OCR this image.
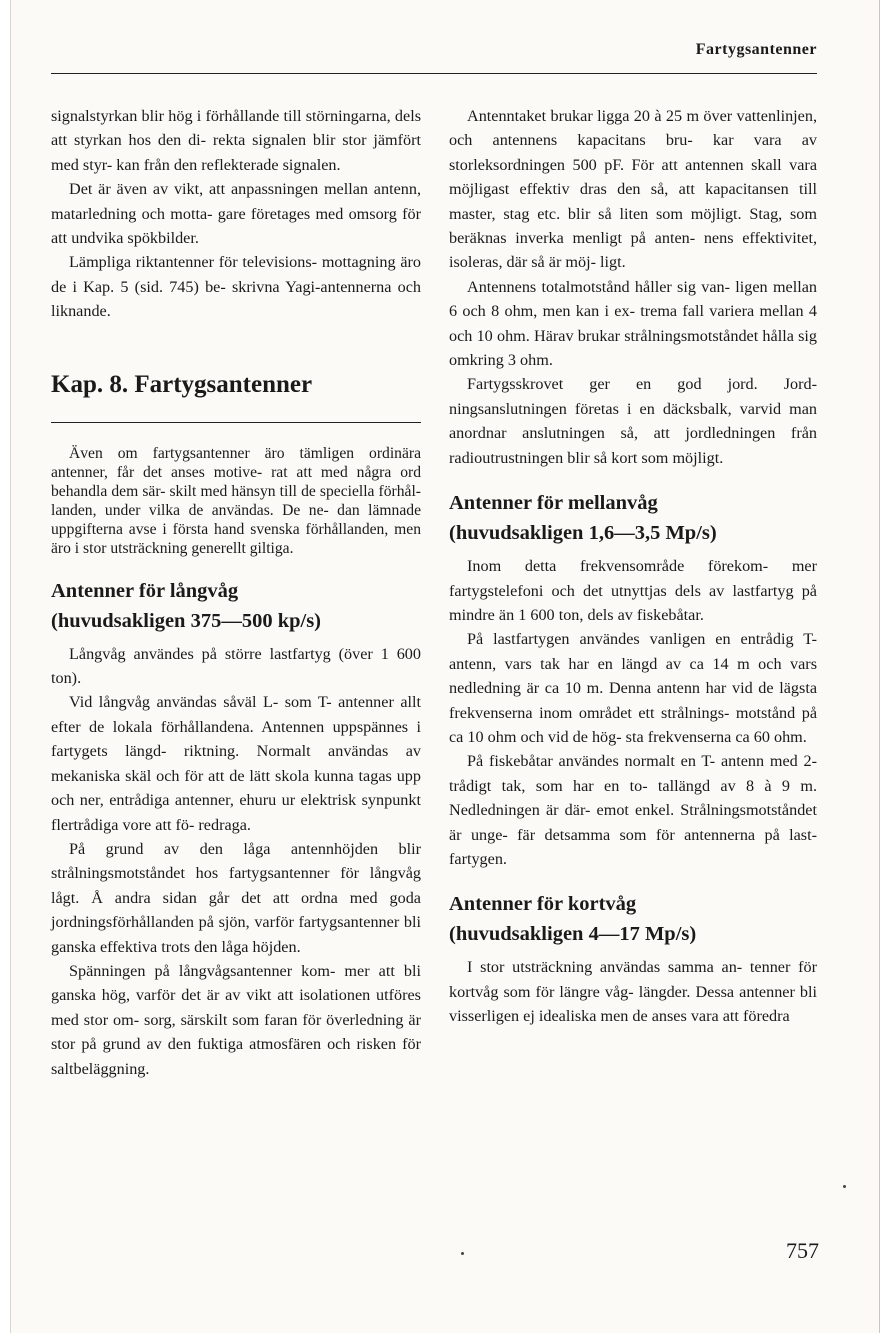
Fartygsantenner

signalstyrkan blir hög i förhållande till störningarna, dels att styrkan hos den di- rekta signalen blir stor jämfört med styr- kan från den reflekterade signalen.

Det är även av vikt, att anpassningen mellan antenn, matarledning och motta- gare företages med omsorg för att undvika spökbilder.

Lämpliga riktantenner för televisions- mottagning äro de i Kap. 5 (sid. 745) be- skrivna Yagi-antennerna och liknande.

Kap. 8. Fartygsantenner

Även om fartygsantenner äro tämligen ordinära antenner, får det anses motive- rat att med några ord behandla dem sär- skilt med hänsyn till de speciella förhål- landen, under vilka de användas. De ne- dan lämnade uppgifterna avse i första hand svenska förhållanden, men äro i stor utsträckning generellt giltiga.

Antenner för långvåg
(huvudsakligen 375—500 kp/s)

Långvåg användes på större lastfartyg (över 1 600 ton).

Vid långvåg användas såväl L- som T- antenner allt efter de lokala förhållandena. Antennen uppspännes i fartygets längd- riktning. Normalt användas av mekaniska skäl och för att de lätt skola kunna tagas upp och ner, entrådiga antenner, ehuru ur elektrisk synpunkt flertrådiga vore att fö- redraga.

På grund av den låga antennhöjden blir strålningsmotståndet hos fartygsantenner för långvåg lågt. Å andra sidan går det att ordna med goda jordningsförhållanden på sjön, varför fartygsantenner bli ganska effektiva trots den låga höjden.

Spänningen på långvågsantenner kom- mer att bli ganska hög, varför det är av vikt att isolationen utföres med stor om- sorg, särskilt som faran för överledning är stor på grund av den fuktiga atmosfären och risken för saltbeläggning.

Antenntaket brukar ligga 20 à 25 m över vattenlinjen, och antennens kapacitans bru- kar vara av storleksordningen 500 pF. För att antennen skall vara möjligast effektiv dras den så, att kapacitansen till master, stag etc. blir så liten som möjligt. Stag, som beräknas inverka menligt på anten- nens effektivitet, isoleras, där så är möj- ligt.

Antennens totalmotstånd håller sig van- ligen mellan 6 och 8 ohm, men kan i ex- trema fall variera mellan 4 och 10 ohm. Härav brukar strålningsmotståndet hålla sig omkring 3 ohm.

Fartygsskrovet ger en god jord. Jord- ningsanslutningen företas i en däcksbalk, varvid man anordnar anslutningen så, att jordledningen från radioutrustningen blir så kort som möjligt.

Antenner för mellanvåg
(huvudsakligen 1,6—3,5 Mp/s)

Inom detta frekvensområde förekom- mer fartygstelefoni och det utnyttjas dels av lastfartyg på mindre än 1 600 ton, dels av fiskebåtar.

På lastfartygen användes vanligen en entrådig T-antenn, vars tak har en längd av ca 14 m och vars nedledning är ca 10 m. Denna antenn har vid de lägsta frekvenserna inom området ett strålnings- motstånd på ca 10 ohm och vid de hög- sta frekvenserna ca 60 ohm.

På fiskebåtar användes normalt en T- antenn med 2-trådigt tak, som har en to- tallängd av 8 à 9 m. Nedledningen är där- emot enkel. Strålningsmotståndet är unge- fär detsamma som för antennerna på last- fartygen.

Antenner för kortvåg
(huvudsakligen 4—17 Mp/s)

I stor utsträckning användas samma an- tenner för kortvåg som för längre våg- längder. Dessa antenner bli visserligen ej idealiska men de anses vara att föredra

757
